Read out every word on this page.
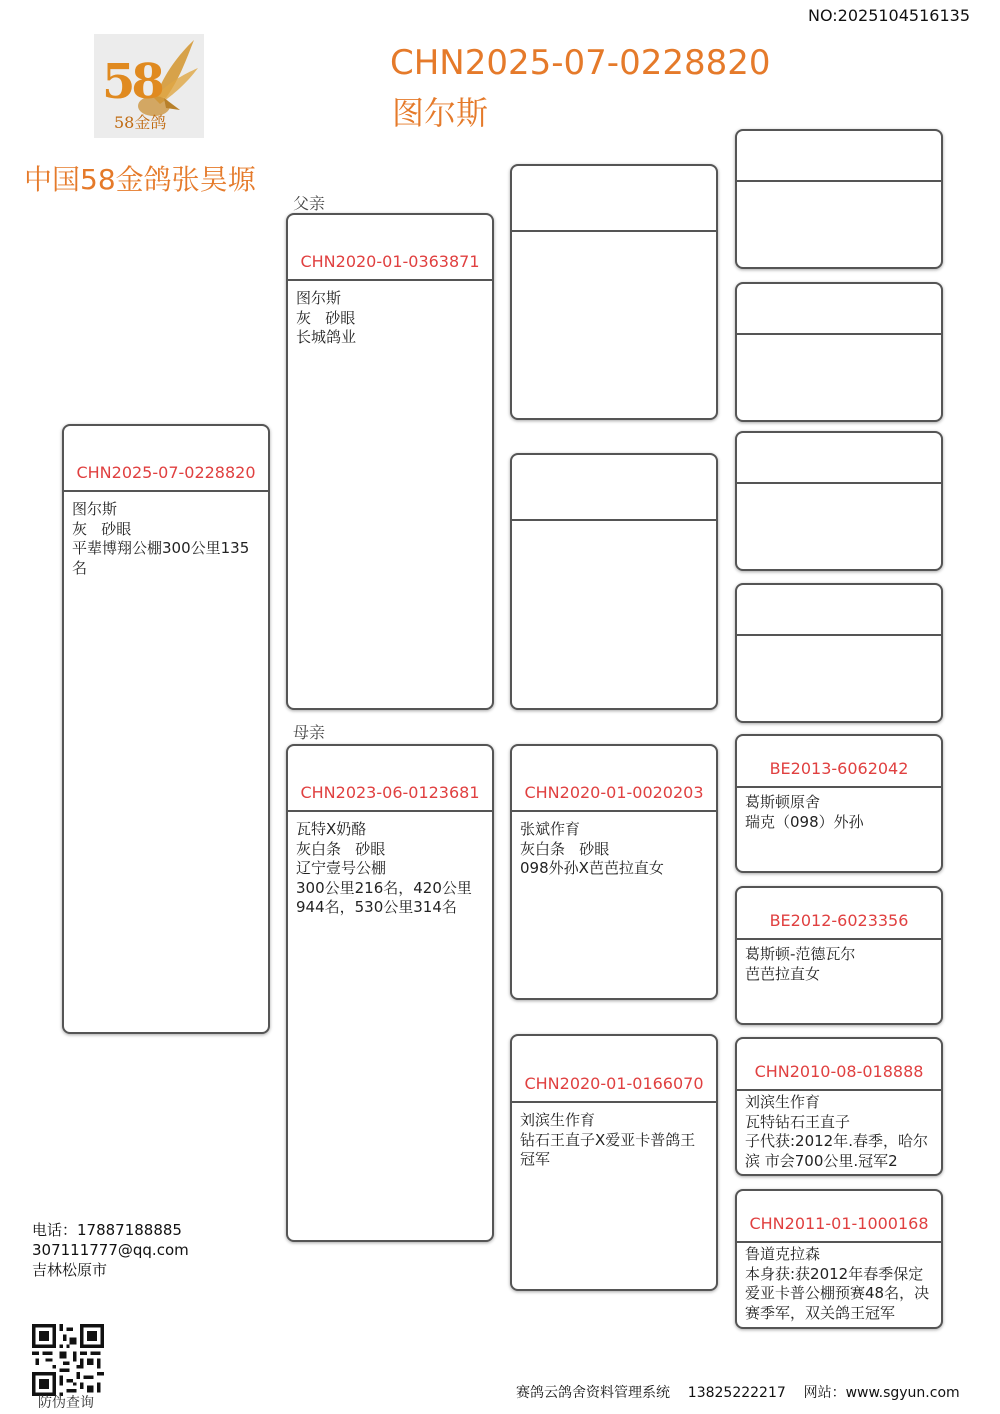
NO:2025104516135
58
58金鸽
CHN2025-07-0228820
图尔斯
中国58金鸽张昊塬
父亲
母亲
CHN2025-07-0228820
图尔斯
灰   砂眼
平辈博翔公棚300公里135名
CHN2020-01-0363871
图尔斯
灰   砂眼
长城鸽业
CHN2023-06-0123681
瓦特X奶酪
灰白条   砂眼
辽宁壹号公棚
300公里216名，420公里944名，530公里314名
CHN2020-01-0020203
张斌作育
灰白条   砂眼
098外孙X芭芭拉直女
CHN2020-01-0166070
刘滨生作育
钻石王直子X爱亚卡普鸽王冠军
BE2013-6062042
葛斯顿原舍
瑞克（098）外孙
BE2012-6023356
葛斯顿-范德瓦尔
芭芭拉直女
CHN2010-08-018888
刘滨生作育
瓦特钻石王直子
子代获:2012年.春季，哈尔滨 市会700公里.冠军2
CHN2011-01-1000168
鲁道克拉森
本身获:获2012年春季保定爱亚卡普公棚预赛48名，决赛季军，双关鸽王冠军
电话：17887188885
307111777@qq.com
吉林松原市
防伪查询
赛鸽云鸽舍资料管理系统    13825222217    网站：www.sgyun.com
